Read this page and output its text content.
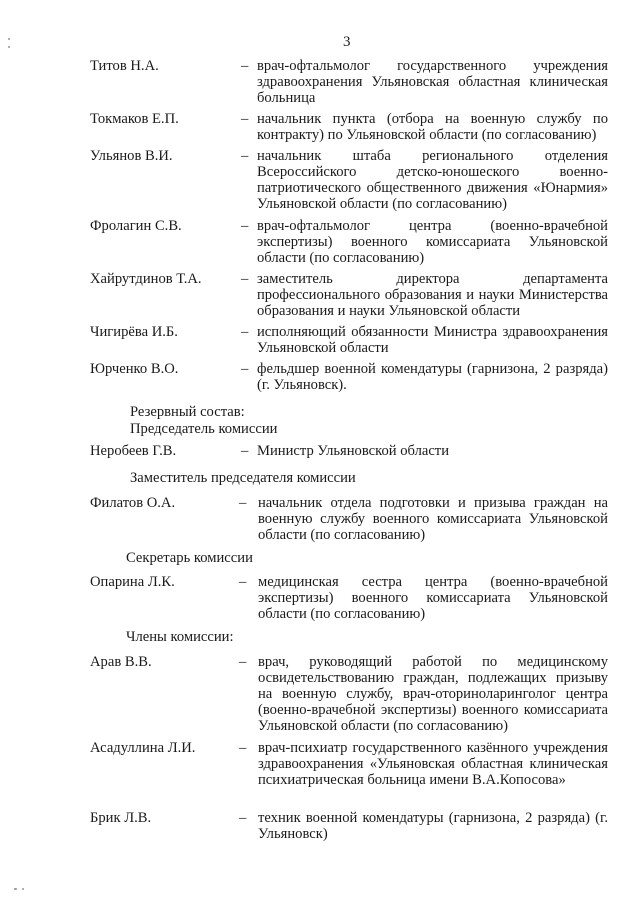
3
Титов Н.А.	– врач-офтальмолог государственного учреждения здравоохранения Ульяновская областная клиническая больница
Токмаков Е.П.	– начальник пункта (отбора на военную службу по контракту) по Ульяновской области (по согласованию)
Ульянов В.И.	– начальник штаба регионального отделения Всероссийского детско-юношеского военно-патриотического общественного движения «Юнармия» Ульяновской области (по согласованию)
Фролагин С.В.	– врач-офтальмолог центра (военно-врачебной экспертизы) военного комиссариата Ульяновской области (по согласованию)
Хайрутдинов Т.А.	– заместитель директора департамента профессионального образования и науки Министерства образования и науки Ульяновской области
Чигирёва И.Б.	– исполняющий обязанности Министра здравоохранения Ульяновской области
Юрченко В.О.	– фельдшер военной комендатуры (гарнизона, 2 разряда) (г. Ульяновск).
Резервный состав:
Председатель комиссии
Неробеев Г.В.	– Министр Ульяновской области
Заместитель председателя комиссии
Филатов О.А.	– начальник отдела подготовки и призыва граждан на военную службу военного комиссариата Ульяновской области (по согласованию)
Секретарь комиссии
Опарина Л.К.	– медицинская сестра центра (военно-врачебной экспертизы) военного комиссариата Ульяновской области (по согласованию)
Члены комиссии:
Арав В.В.	– врач, руководящий работой по медицинскому освидетельствованию граждан, подлежащих призыву на военную службу, врач-оториноларинголог центра (военно-врачебной экспертизы) военного комиссариата Ульяновской области (по согласованию)
Асадуллина Л.И.	– врач-психиатр государственного казённого учреждения здравоохранения «Ульяновская областная клиническая психиатрическая больница имени В.А.Копосова»
Брик Л.В.	– техник военной комендатуры (гарнизона, 2 разряда) (г. Ульяновск)
